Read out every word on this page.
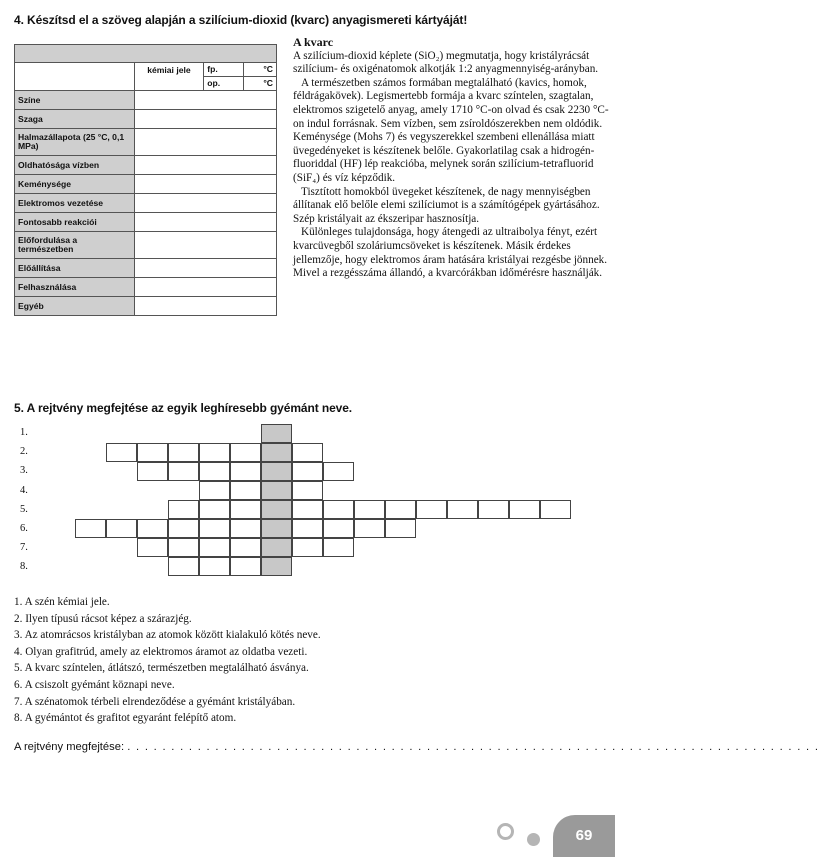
4. Készítsd el a szöveg alapján a szilícium-dioxid (kvarc) anyagismereti kártyáját!

	kémiai jele	fp.	°C
		op.	°C
Színe			
Szaga			
Halmazállapota (25 °C, 0,1 MPa)			
Oldhatósága vízben			
Keménysége			
Elektromos vezetése			
Fontosabb reakciói			
Előfordulása a természetben			
Előállítása			
Felhasználása			
Egyéb			
A kvarc

A szilícium-dioxid képlete (SiO₂) megmutatja, hogy kristályrácsát szilícium- és oxigénatomok alkotják 1:2 anyagmennyiség-arányban.

A természetben számos formában megtalálható (kavics, homok, féldrágakövek). Legismertebb formája a kvarc színtelen, szagtalan, elektromos szigetelő anyag, amely 1710 °C-on olvad és csak 2230 °C-on indul forrásnak. Sem vízben, sem zsíroldószerekben nem oldódik. Keménysége (Mohs 7) és vegyszerekkel szembeni ellenállása miatt üvegedényeket is készítenek belőle. Gyakorlatilag csak a hidrogén-fluoriddal (HF) lép reakcióba, melynek során szilícium-tetrafluorid (SiF₄) és víz képződik.

Tisztított homokból üvegeket készítenek, de nagy mennyiségben állítanak elő belőle elemi szilíciumot is a számítógépek gyártásához. Szép kristályait az ékszeripar hasznosítja.

Különleges tulajdonsága, hogy átengedi az ultraibolya fényt, ezért kvarcüvegből szoláriumcsöveket is készítenek. Másik érdekes jellemzője, hogy elektromos áram hatására kristályai rezgésbe jönnek. Mivel a rezgésszáma állandó, a kvarcórákban időmérésre használják.

5. A rejtvény megfejtése az egyik leghíresebb gyémánt neve.
1.
2.
3.
4.
5.
6.
7.
8.
1. A szén kémiai jele.
2. Ilyen típusú rácsot képez a szárazjég.
3. Az atomrácsos kristályban az atomok között kialakuló kötés neve.
4. Olyan grafitrúd, amely az elektromos áramot az oldatba vezeti.
5. A kvarc színtelen, átlátszó, természetben megtalálható ásványa.
6. A csiszolt gyémánt köznapi neve.
7. A szénatomok térbeli elrendeződése a gyémánt kristályában.
8. A gyémántot és grafitot egyaránt felépítő atom.
A rejtvény megfejtése: . . . . . . . . . . . . . . . . . . . . . . . . . . . . . . . . . . . . . . . . . . . . . . . . . . . . . . . . . . . . . . . . . . . . . . . . . . . . . . .
69
